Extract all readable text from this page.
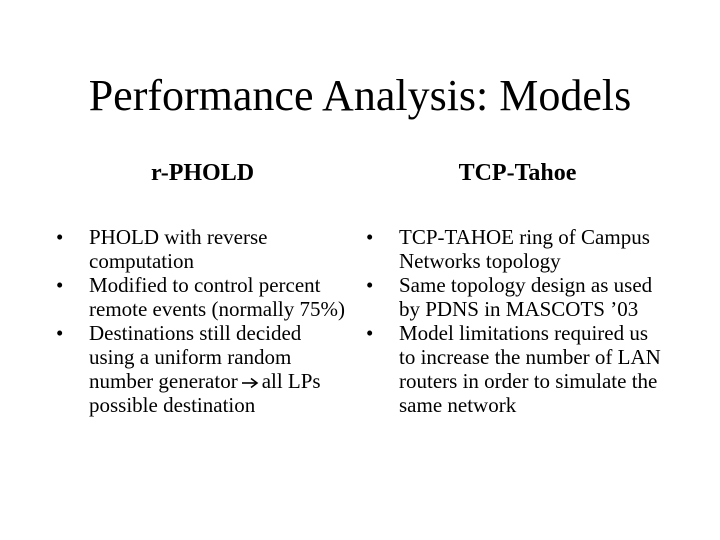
Performance Analysis: Models
r-PHOLD	TCP-Tahoe
• PHOLD with reverse computation
• Modified to control percent remote events (normally 75%)
• Destinations still decided using a uniform random number generator all LPs possible destination
• TCP-TAHOE ring of Campus Networks topology
• Same topology design as used by PDNS in MASCOTS ’03
• Model limitations required us to increase the number of LAN routers in order to simulate the same network
